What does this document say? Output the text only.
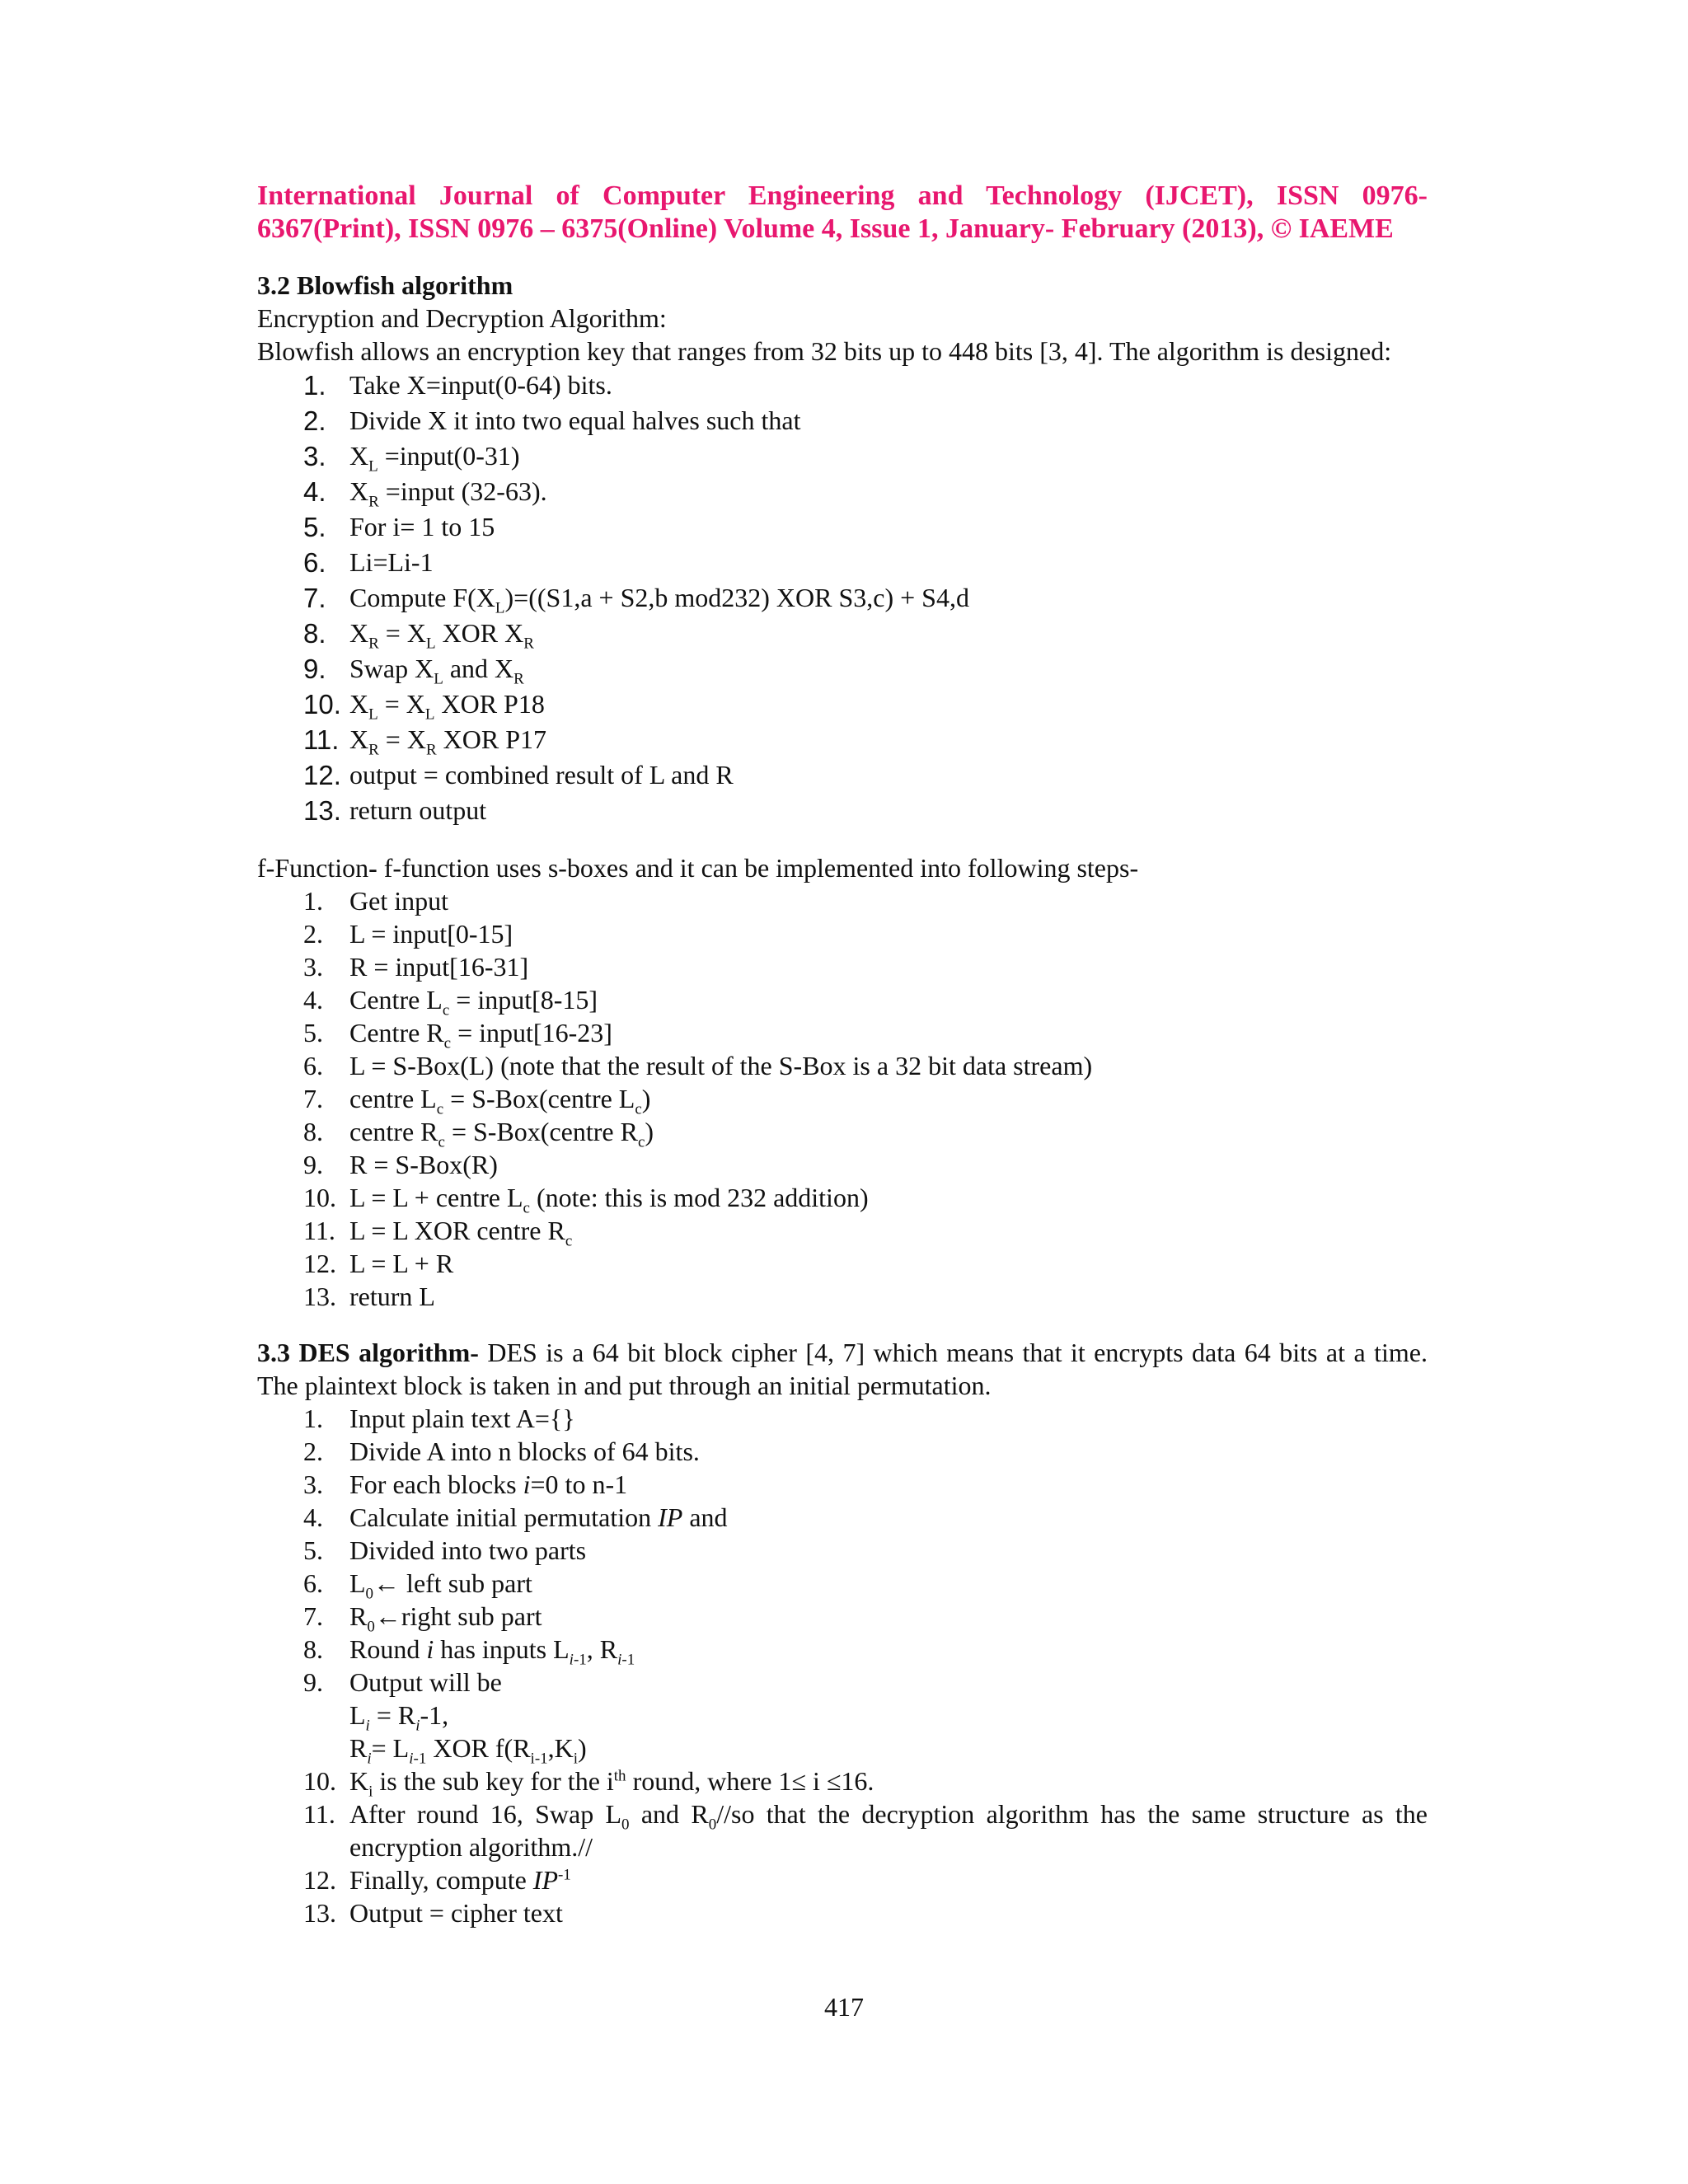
International Journal of Computer Engineering and Technology (IJCET), ISSN 0976- 6367(Print), ISSN 0976 – 6375(Online) Volume 4, Issue 1, January- February (2013), © IAEME
3.2 Blowfish algorithm

Encryption and Decryption Algorithm:

Blowfish allows an encryption key that ranges from 32 bits up to 448 bits [3, 4]. The algorithm is designed:

1. Take X=input(0-64) bits.
2. Divide X it into two equal halves such that
3. $X_L$ =input(0-31)
4. $X_R$ =input (32-63).
5. For i= 1 to 15
6. Li=Li-1
7. Compute $F(X_L)=((S1,a + S2,b$ mod232) XOR S3,c) + S4,d
8. $X_R = X_L$ XOR $X_R$
9. Swap $X_L$ and $X_R$
10. $X_L = X_L$ XOR P18
11. $X_R = X_R$ XOR P17
12. output = combined result of L and R
13. return output

f-Function- f-function uses s-boxes and it can be implemented into following steps-

1.	Get input
2.	L = input[0-15]
3.	R = input[16-31]
4.	Centre $L_c$ = input[8-15]
5.	Centre $R_c$ = input[16-23]
6.	L = S-Box(L) (note that the result of the S-Box is a 32 bit data stream)
7.	centre $L_c$ = S-Box(centre $L_c$)
8.	centre $R_c$ = S-Box(centre $R_c$)
9.	R = S-Box(R)
10. L = L + centre $L_c$ (note: this is mod 232 addition)
11. L = L XOR centre $R_c$
12. L = L + R
13. return L

3.3 DES algorithm- DES is a 64 bit block cipher [4, 7] which means that it encrypts data 64 bits at a time. The plaintext block is taken in and put through an initial permutation.

1.	Input plain text A={}
2.	Divide A into n blocks of 64 bits.
3.	For each blocks i=0 to n-1
4.	Calculate initial permutation IP and
5.	Divided into two parts
6.	$L_0\leftarrow$ left sub part
7.	$R_0\leftarrow right$ sub part
8.	Round i has inputs $L_{i-1}$, $R_{i-1}$
9.	Output will be
$L_i = R_i-1$,
$R_i= L_{i-1}$ XOR $f(R_{i-1},K_i)$
10. $K_i$ is the sub key for the $i^{th}$ round, where 1≤ i ≤16.
11. After round 16, Swap $L_0$ and $R_0//so$ that the decryption algorithm has the same structure as the encryption algorithm.//
12. Finally, compute $IP^{-1}$
13. Output = cipher text
417
